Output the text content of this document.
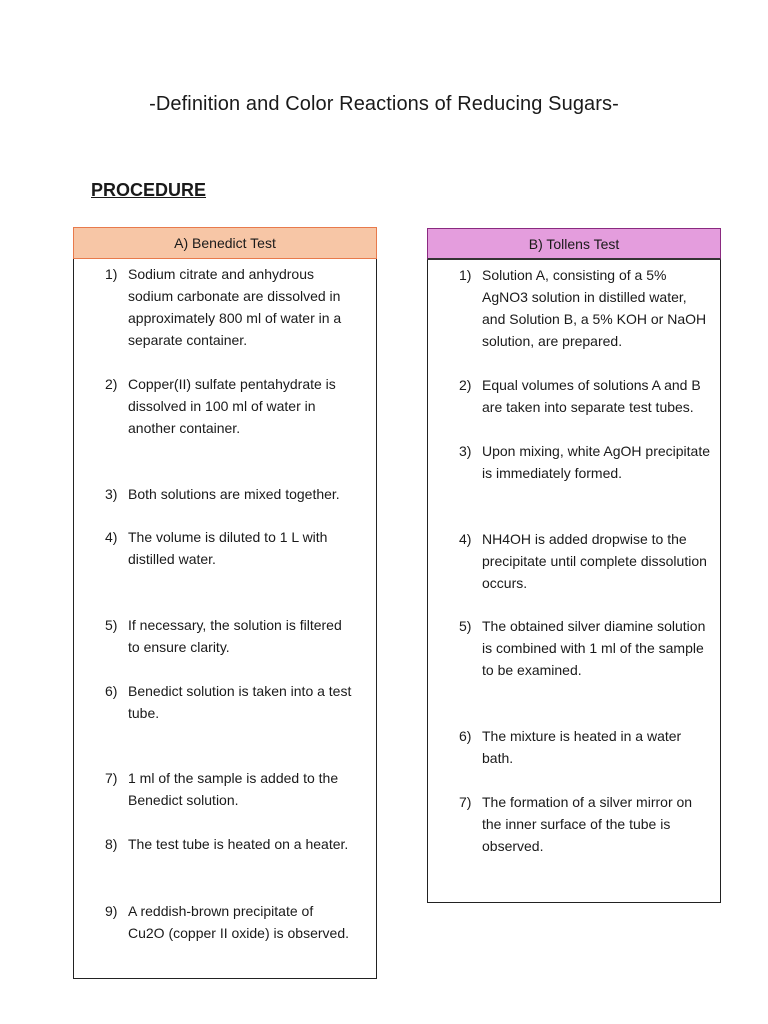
-Definition and Color Reactions of Reducing Sugars-
PROCEDURE
A) Benedict Test
1) Sodium citrate and anhydrous sodium carbonate are dissolved in approximately 800 ml of water in a separate container.
2) Copper(II) sulfate pentahydrate is dissolved in 100 ml of water in another container.
3) Both solutions are mixed together.
4) The volume is diluted to 1 L with distilled water.
5) If necessary, the solution is filtered to ensure clarity.
6) Benedict solution is taken into a test tube.
7) 1 ml of the sample is added to the Benedict solution.
8) The test tube is heated on a heater.
9) A reddish-brown precipitate of Cu2O (copper II oxide) is observed.
B) Tollens Test
1) Solution A, consisting of a 5% AgNO3 solution in distilled water, and Solution B, a 5% KOH or NaOH solution, are prepared.
2) Equal volumes of solutions A and B are taken into separate test tubes.
3) Upon mixing, white AgOH precipitate is immediately formed.
4) NH4OH is added dropwise to the precipitate until complete dissolution occurs.
5) The obtained silver diamine solution is combined with 1 ml of the sample to be examined.
6) The mixture is heated in a water bath.
7) The formation of a silver mirror on the inner surface of the tube is observed.
